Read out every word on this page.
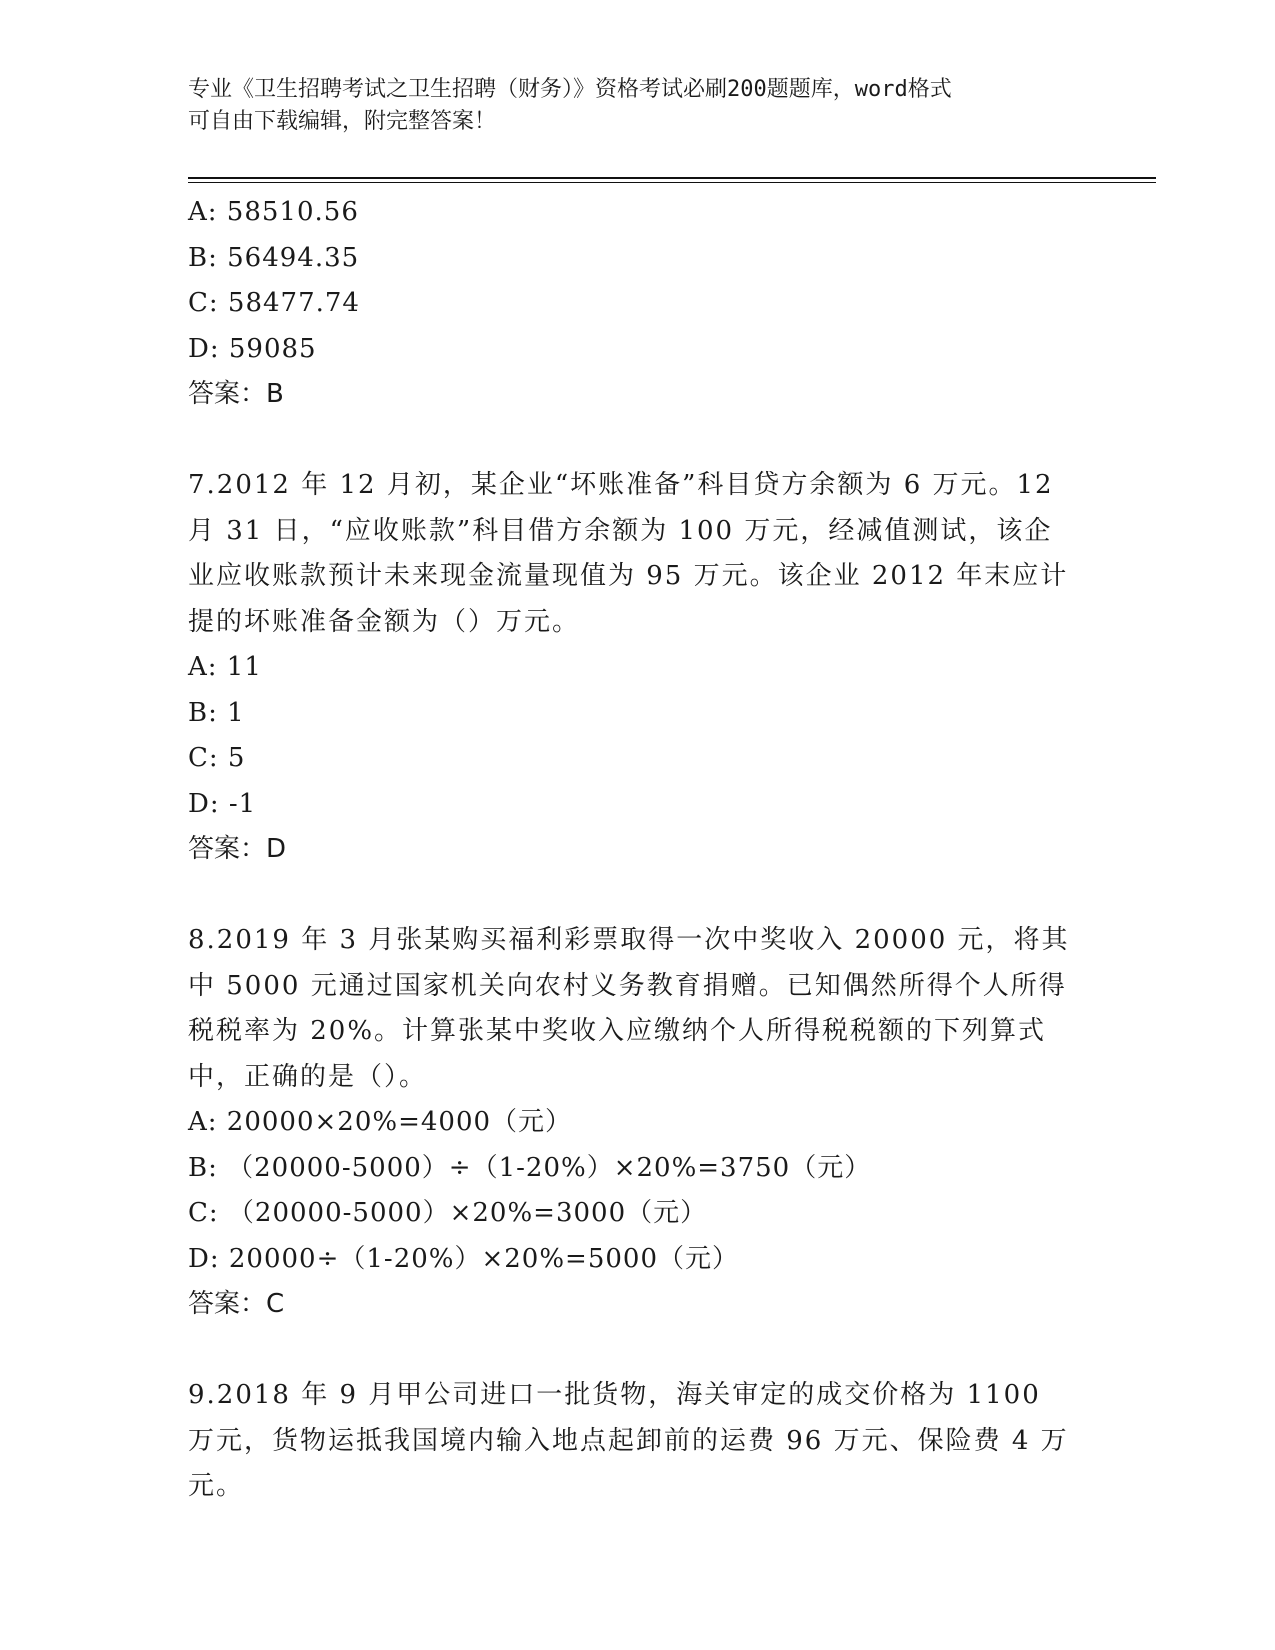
专业《卫生招聘考试之卫生招聘（财务）》资格考试必刷200题题库，word格式
可自由下载编辑，附完整答案！
A: 58510.56
B: 56494.35
C: 58477.74
D: 59085
答案：B
7.2012 年 12 月初，某企业“坏账准备”科目贷方余额为 6 万元。12 月 31 日，“应收账款”科目借方余额为 100 万元，经减值测试，该企业应收账款预计未来现金流量现值为 95 万元。该企业 2012 年末应计提的坏账准备金额为（）万元。
A: 11
B: 1
C: 5
D: -1
答案：D
8.2019 年 3 月张某购买福利彩票取得一次中奖收入 20000 元，将其中 5000 元通过国家机关向农村义务教育捐赠。已知偶然所得个人所得税税率为 20%。计算张某中奖收入应缴纳个人所得税税额的下列算式中，正确的是（）。
A: 20000×20%=4000（元）
B: （20000-5000）÷（1-20%）×20%=3750（元）
C: （20000-5000）×20%=3000（元）
D: 20000÷（1-20%）×20%=5000（元）
答案：C
9.2018 年 9 月甲公司进口一批货物，海关审定的成交价格为 1100 万元，货物运抵我国境内输入地点起卸前的运费 96 万元、保险费 4 万元。
